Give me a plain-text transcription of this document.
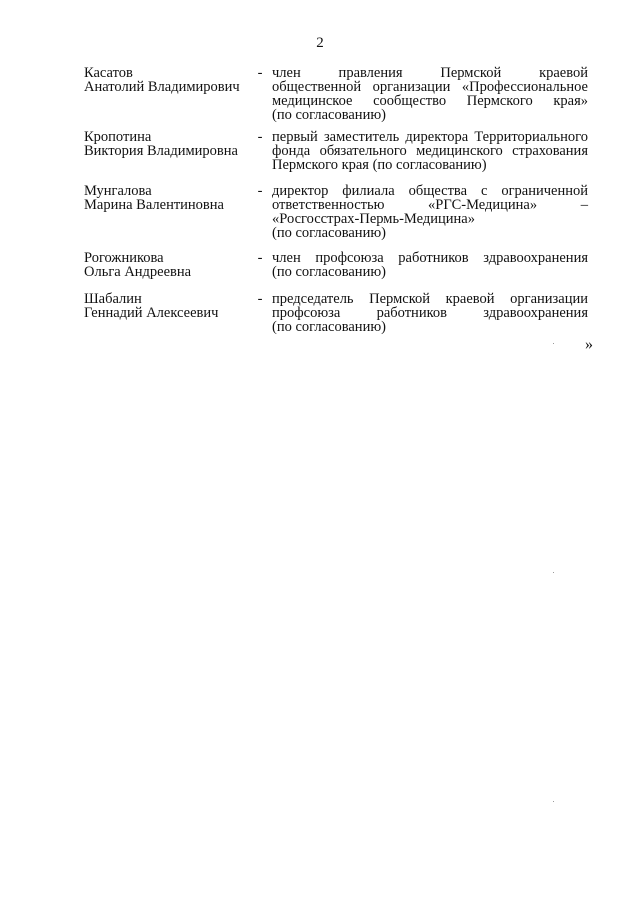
2
Касатов
Анатолий Владимирович
- член правления Пермской краевой
общественной организации «Профессиональное
медицинское сообщество Пермского края»
(по согласованию)
Кропотина
Виктория Владимировна
- первый заместитель директора Территориального
фонда обязательного медицинского страхования
Пермского края (по согласованию)
Мунгалова
Марина Валентиновна
- директор филиала общества с ограниченной
ответственностью «РГС-Медицина» –
«Росгосстрах-Пермь-Медицина»
(по согласованию)
Рогожникова
Ольга Андреевна
- член профсоюза работников здравоохранения
(по согласованию)
Шабалин
Геннадий Алексеевич
- председатель Пермской краевой организации
профсоюза работников здравоохранения
(по согласованию)
»
